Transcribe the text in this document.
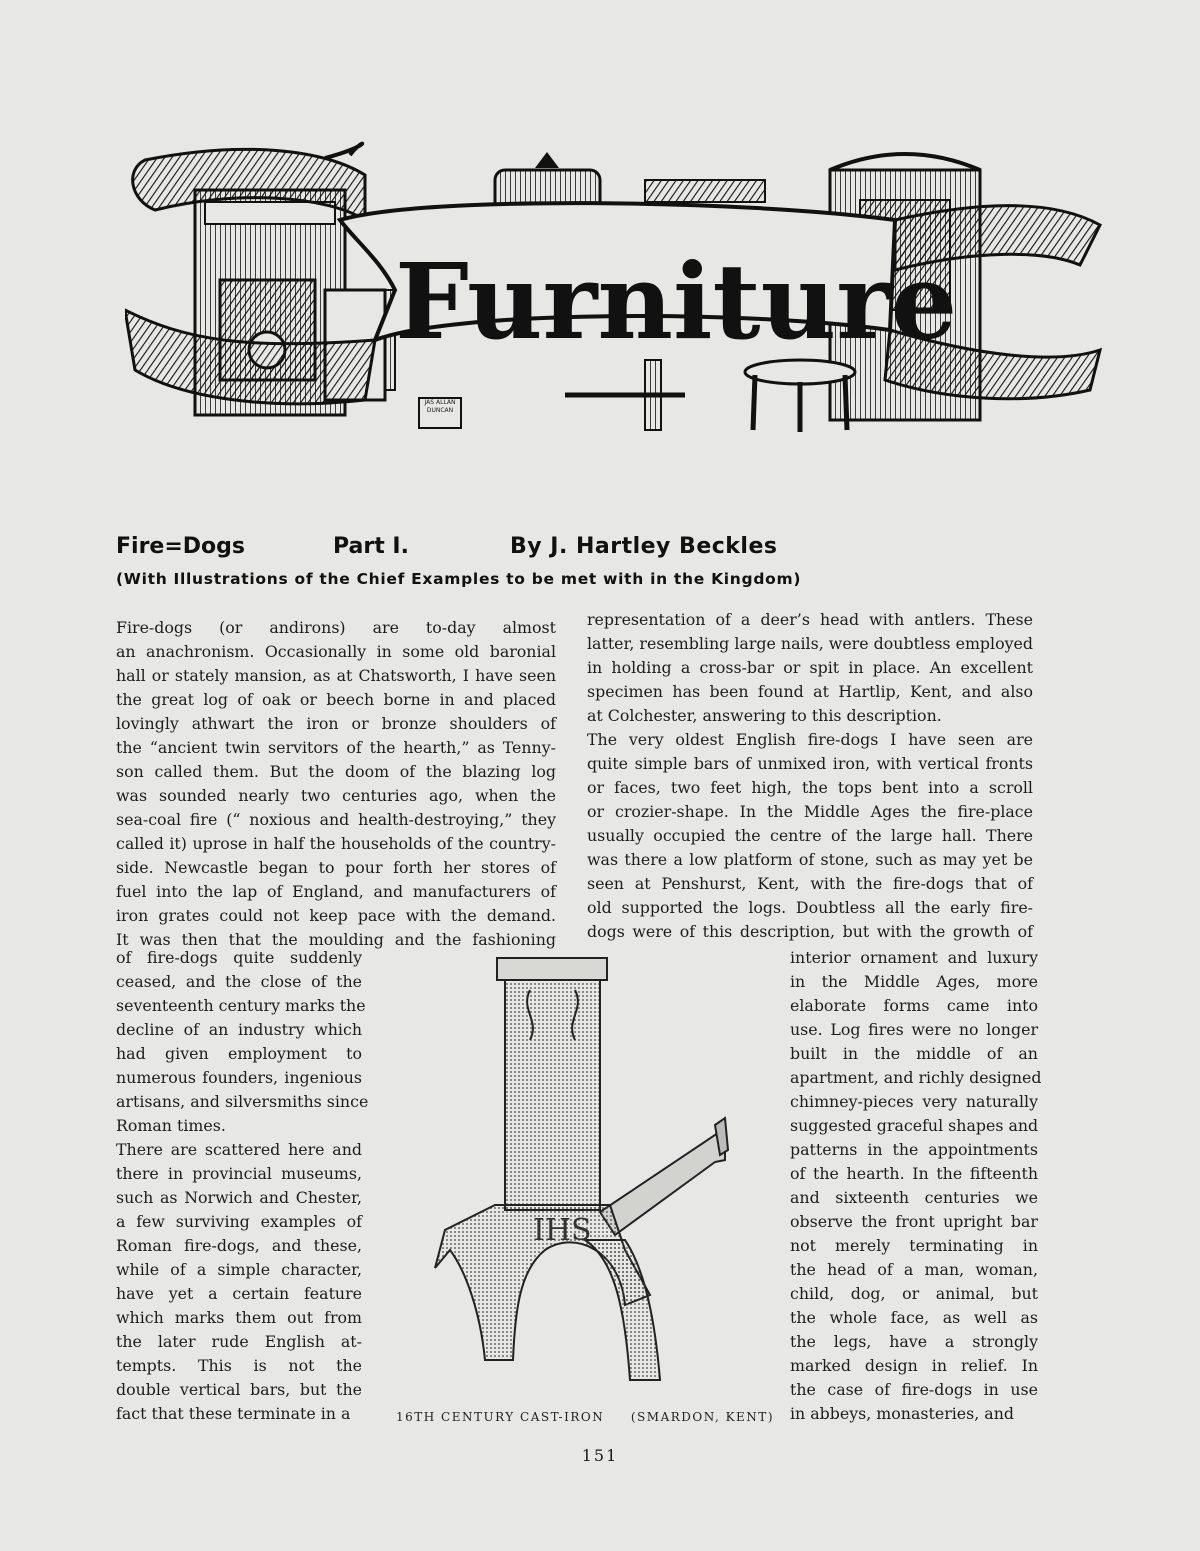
Furniture
JAS ALLAN DUNCAN
Fire=Dogs	Part I.	By J. Hartley Beckles
(With Illustrations of the Chief Examples to be met with in the Kingdom)
Fire-dogs (or andirons) are to-day almost
an anachronism. Occasionally in some old baronial
hall or stately mansion, as at Chatsworth, I have seen
the great log of oak or beech borne in and placed
lovingly athwart the iron or bronze shoulders of
the “ancient twin servitors of the hearth,” as Tenny-
son called them. But the doom of the blazing log
was sounded nearly two centuries ago, when the
sea-coal fire (“ noxious and health-destroying,” they
called it) uprose in half the households of the country-
side. Newcastle began to pour forth her stores of
fuel into the lap of England, and manufacturers of
iron grates could not keep pace with the demand.
It was then that the moulding and the fashioning
of fire-dogs quite suddenly
ceased, and the close of the
seventeenth century marks the
decline of an industry which
had given employment to
numerous founders, ingenious
artisans, and silversmiths since
Roman times.
There are scattered here and
there in provincial museums,
such as Norwich and Chester,
a few surviving examples of
Roman fire-dogs, and these,
while of a simple character,
have yet a certain feature
which marks them out from
the later rude English at-
tempts. This is not the
double vertical bars, but the
fact that these terminate in a
representation of a deer’s head with antlers. These
latter, resembling large nails, were doubtless employed
in holding a cross-bar or spit in place. An excellent
specimen has been found at Hartlip, Kent, and also
at Colchester, answering to this description.
The very oldest English fire-dogs I have seen are
quite simple bars of unmixed iron, with vertical fronts
or faces, two feet high, the tops bent into a scroll
or crozier-shape. In the Middle Ages the fire-place
usually occupied the centre of the large hall. There
was there a low platform of stone, such as may yet be
seen at Penshurst, Kent, with the fire-dogs that of
old supported the logs. Doubtless all the early fire-
dogs were of this description, but with the growth of
interior ornament and luxury
in the Middle Ages, more
elaborate forms came into
use. Log fires were no longer
built in the middle of an
apartment, and richly designed
chimney-pieces very naturally
suggested graceful shapes and
patterns in the appointments
of the hearth. In the fifteenth
and sixteenth centuries we
observe the front upright bar
not merely terminating in
the head of a man, woman,
child, dog, or animal, but
the whole face, as well as
the legs, have a strongly
marked design in relief. In
the case of fire-dogs in use
in abbeys, monasteries, and
IHS
16TH CENTURY CAST-IRON (SMARDON, KENT)
151
